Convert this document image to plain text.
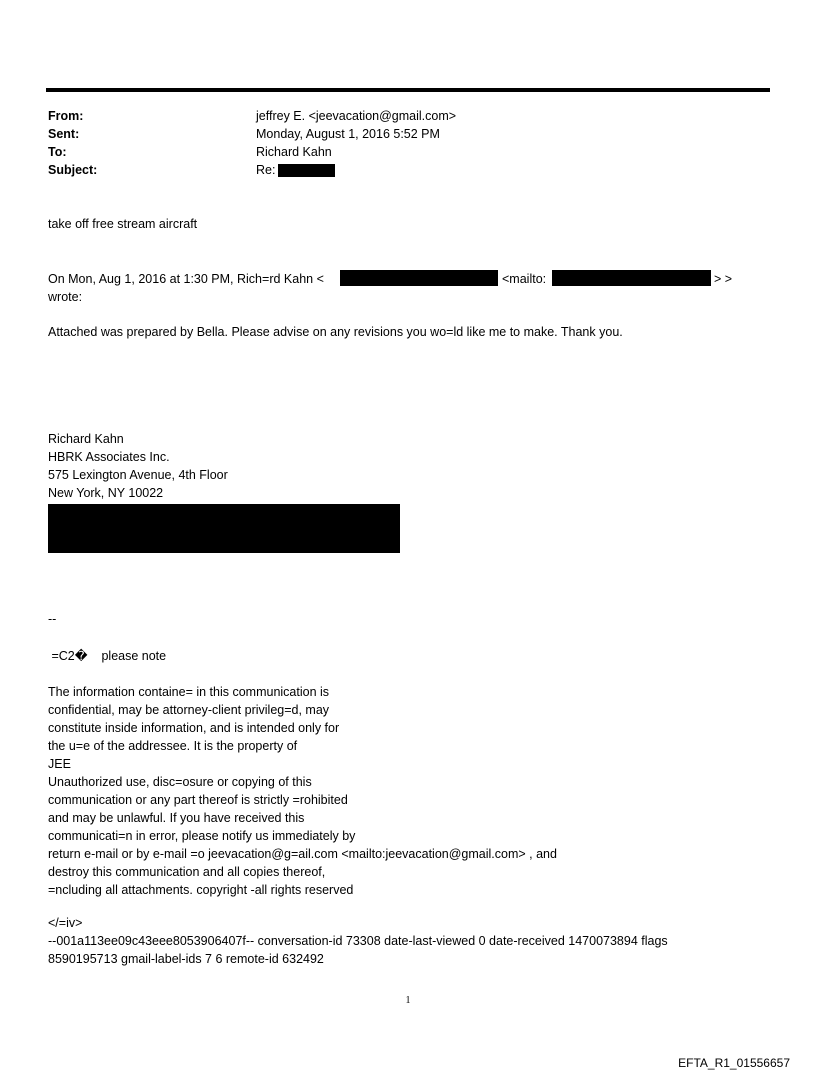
From:	jeffrey E. <jeevacation@gmail.com>
Sent:	Monday, August 1, 2016 5:52 PM
To:	Richard Kahn
Subject:	Re:
take off free stream aircraft
On Mon, Aug 1, 2016 at 1:30 PM, Rich=rd Kahn <	<mailto:	> >
wrote:
Attached was prepared by Bella. Please advise on any revisions you wo=ld like me to make. Thank you.
Richard Kahn
HBRK Associates Inc.
575 Lexington Avenue, 4th Floor
New York, NY 10022
--
=C2�    please note
The information containe= in this communication is
confidential, may be attorney-client privileg=d, may
constitute inside information, and is intended only for
the u=e of the addressee. It is the property of
JEE
Unauthorized use, disc=osure or copying of this
communication or any part thereof is strictly =rohibited
and may be unlawful. If you have received this
communicati=n in error, please notify us immediately by
return e-mail or by e-mail =o jeevacation@g=ail.com <mailto:jeevacation@gmail.com> , and
destroy this communication and all copies thereof,
=ncluding all attachments. copyright -all rights reserved
</=iv>
--001a113ee09c43eee8053906407f-- conversation-id 73308 date-last-viewed 0 date-received 1470073894 flags
8590195713 gmail-label-ids 7 6 remote-id 632492
1
EFTA_R1_01556657
